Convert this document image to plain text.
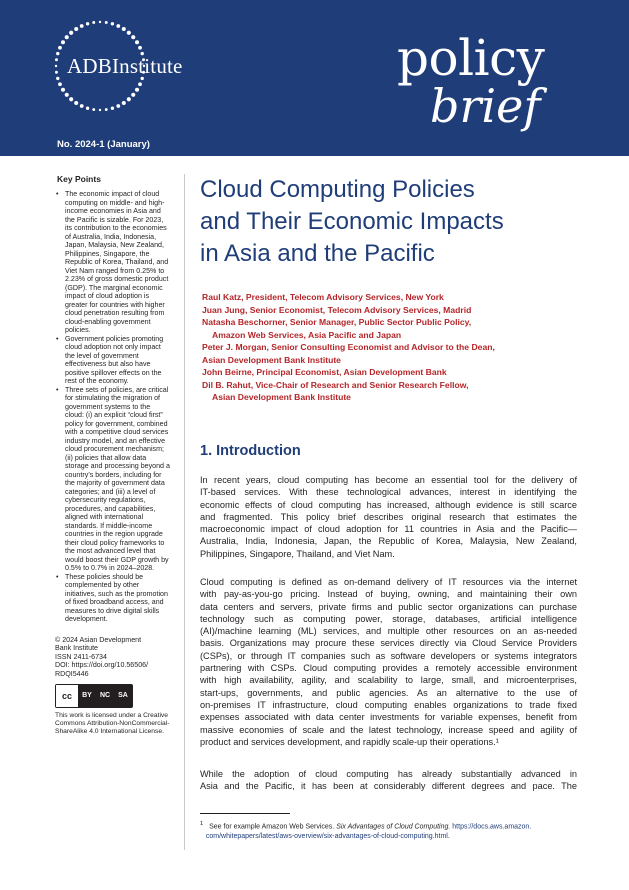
ADBInstitute	policy
brief
No. 2024-1 (January)
Key Points
• The economic impact of cloud computing on middle- and high-income economies in Asia and the Pacific is sizable. For 2023, its contribution to the economies of Australia, India, Indonesia, Japan, Malaysia, New Zealand, Philippines, Singapore, the Republic of Korea, Thailand, and Viet Nam ranged from 0.25% to 2.23% of gross domestic product (GDP). The marginal economic impact of cloud adoption is greater for countries with higher cloud penetration resulting from cloud-enabling government policies.
• Government policies promoting cloud adoption not only impact the level of government effectiveness but also have positive spillover effects on the rest of the economy.
• Three sets of policies, are critical for stimulating the migration of government systems to the cloud: (i) an explicit “cloud first” policy for government, combined with a competitive cloud services industry model, and an effective cloud procurement mechanism; (ii) policies that allow data storage and processing beyond a country’s borders, including for the majority of government data categories; and (iii) a level of cybersecurity regulations, procedures, and capabilities, aligned with international standards. If middle-income countries in the region upgrade their cloud policy frameworks to the most advanced level that would boost their GDP growth by 0.5% to 0.7% in 2024–2028.
• These policies should be complemented by other initiatives, such as the promotion of fixed broadband access, and measures to drive digital skills development.
© 2024 Asian Development
Bank Institute
ISSN 2411-6734
DOI: https://doi.org/10.56506/
RDQI5446
cc	BY	NC	SA
This work is licensed under a Creative Commons Attribution-NonCommercial-ShareAlike 4.0 International License.
Cloud Computing Policies
and Their Economic Impacts
in Asia and the Pacific
Raul Katz, President, Telecom Advisory Services, New York
Juan Jung, Senior Economist, Telecom Advisory Services, Madrid
Natasha Beschorner, Senior Manager, Public Sector Public Policy,
Amazon Web Services, Asia Pacific and Japan
Peter J. Morgan, Senior Consulting Economist and Advisor to the Dean,
Asian Development Bank Institute
John Beirne, Principal Economist, Asian Development Bank
Dil B. Rahut, Vice-Chair of Research and Senior Research Fellow,
Asian Development Bank Institute
1. Introduction
In recent years, cloud computing has become an essential tool for the delivery of
IT-based services. With these technological advances, interest in identifying the
economic effects of cloud computing has increased, although evidence is still scarce
and fragmented. This policy brief describes original research that estimates the
macroeconomic impact of cloud adoption for 11 countries in Asia and the Pacific—
Australia, India, Indonesia, Japan, the Republic of Korea, Malaysia, New Zealand,
Philippines, Singapore, Thailand, and Viet Nam.
Cloud computing is defined as on-demand delivery of IT resources via the internet
with pay-as-you-go pricing. Instead of buying, owning, and maintaining their own
data centers and servers, private firms and public sector organizations can purchase
technology such as computing power, storage, databases, artificial intelligence
(AI)/machine learning (ML) services, and multiple other resources on an as-needed
basis. Organizations may procure these services directly via Cloud Service Providers
(CSPs), or through IT companies such as software developers or systems integrators
partnering with CSPs. Cloud computing provides a remotely accessible environment
with high availability, agility, and scalability to large, small, and microenterprises,
start-ups, governments, and public agencies. As an alternative to the use of
on-premises IT infrastructure, cloud computing enables organizations to trade fixed
expenses associated with data center investments for variable expenses, benefit from
massive economies of scale and the latest technology, increase speed and agility of
product and services development, and rapidly scale-up their operations.¹
While the adoption of cloud computing has already substantially advanced in
Asia and the Pacific, it has been at considerably different degrees and pace. The
$^1$ See for example Amazon Web Services. Six Advantages of Cloud Computing. https://docs.aws.amazon.
com/whitepapers/latest/aws-overview/six-advantages-of-cloud-computing.html.
